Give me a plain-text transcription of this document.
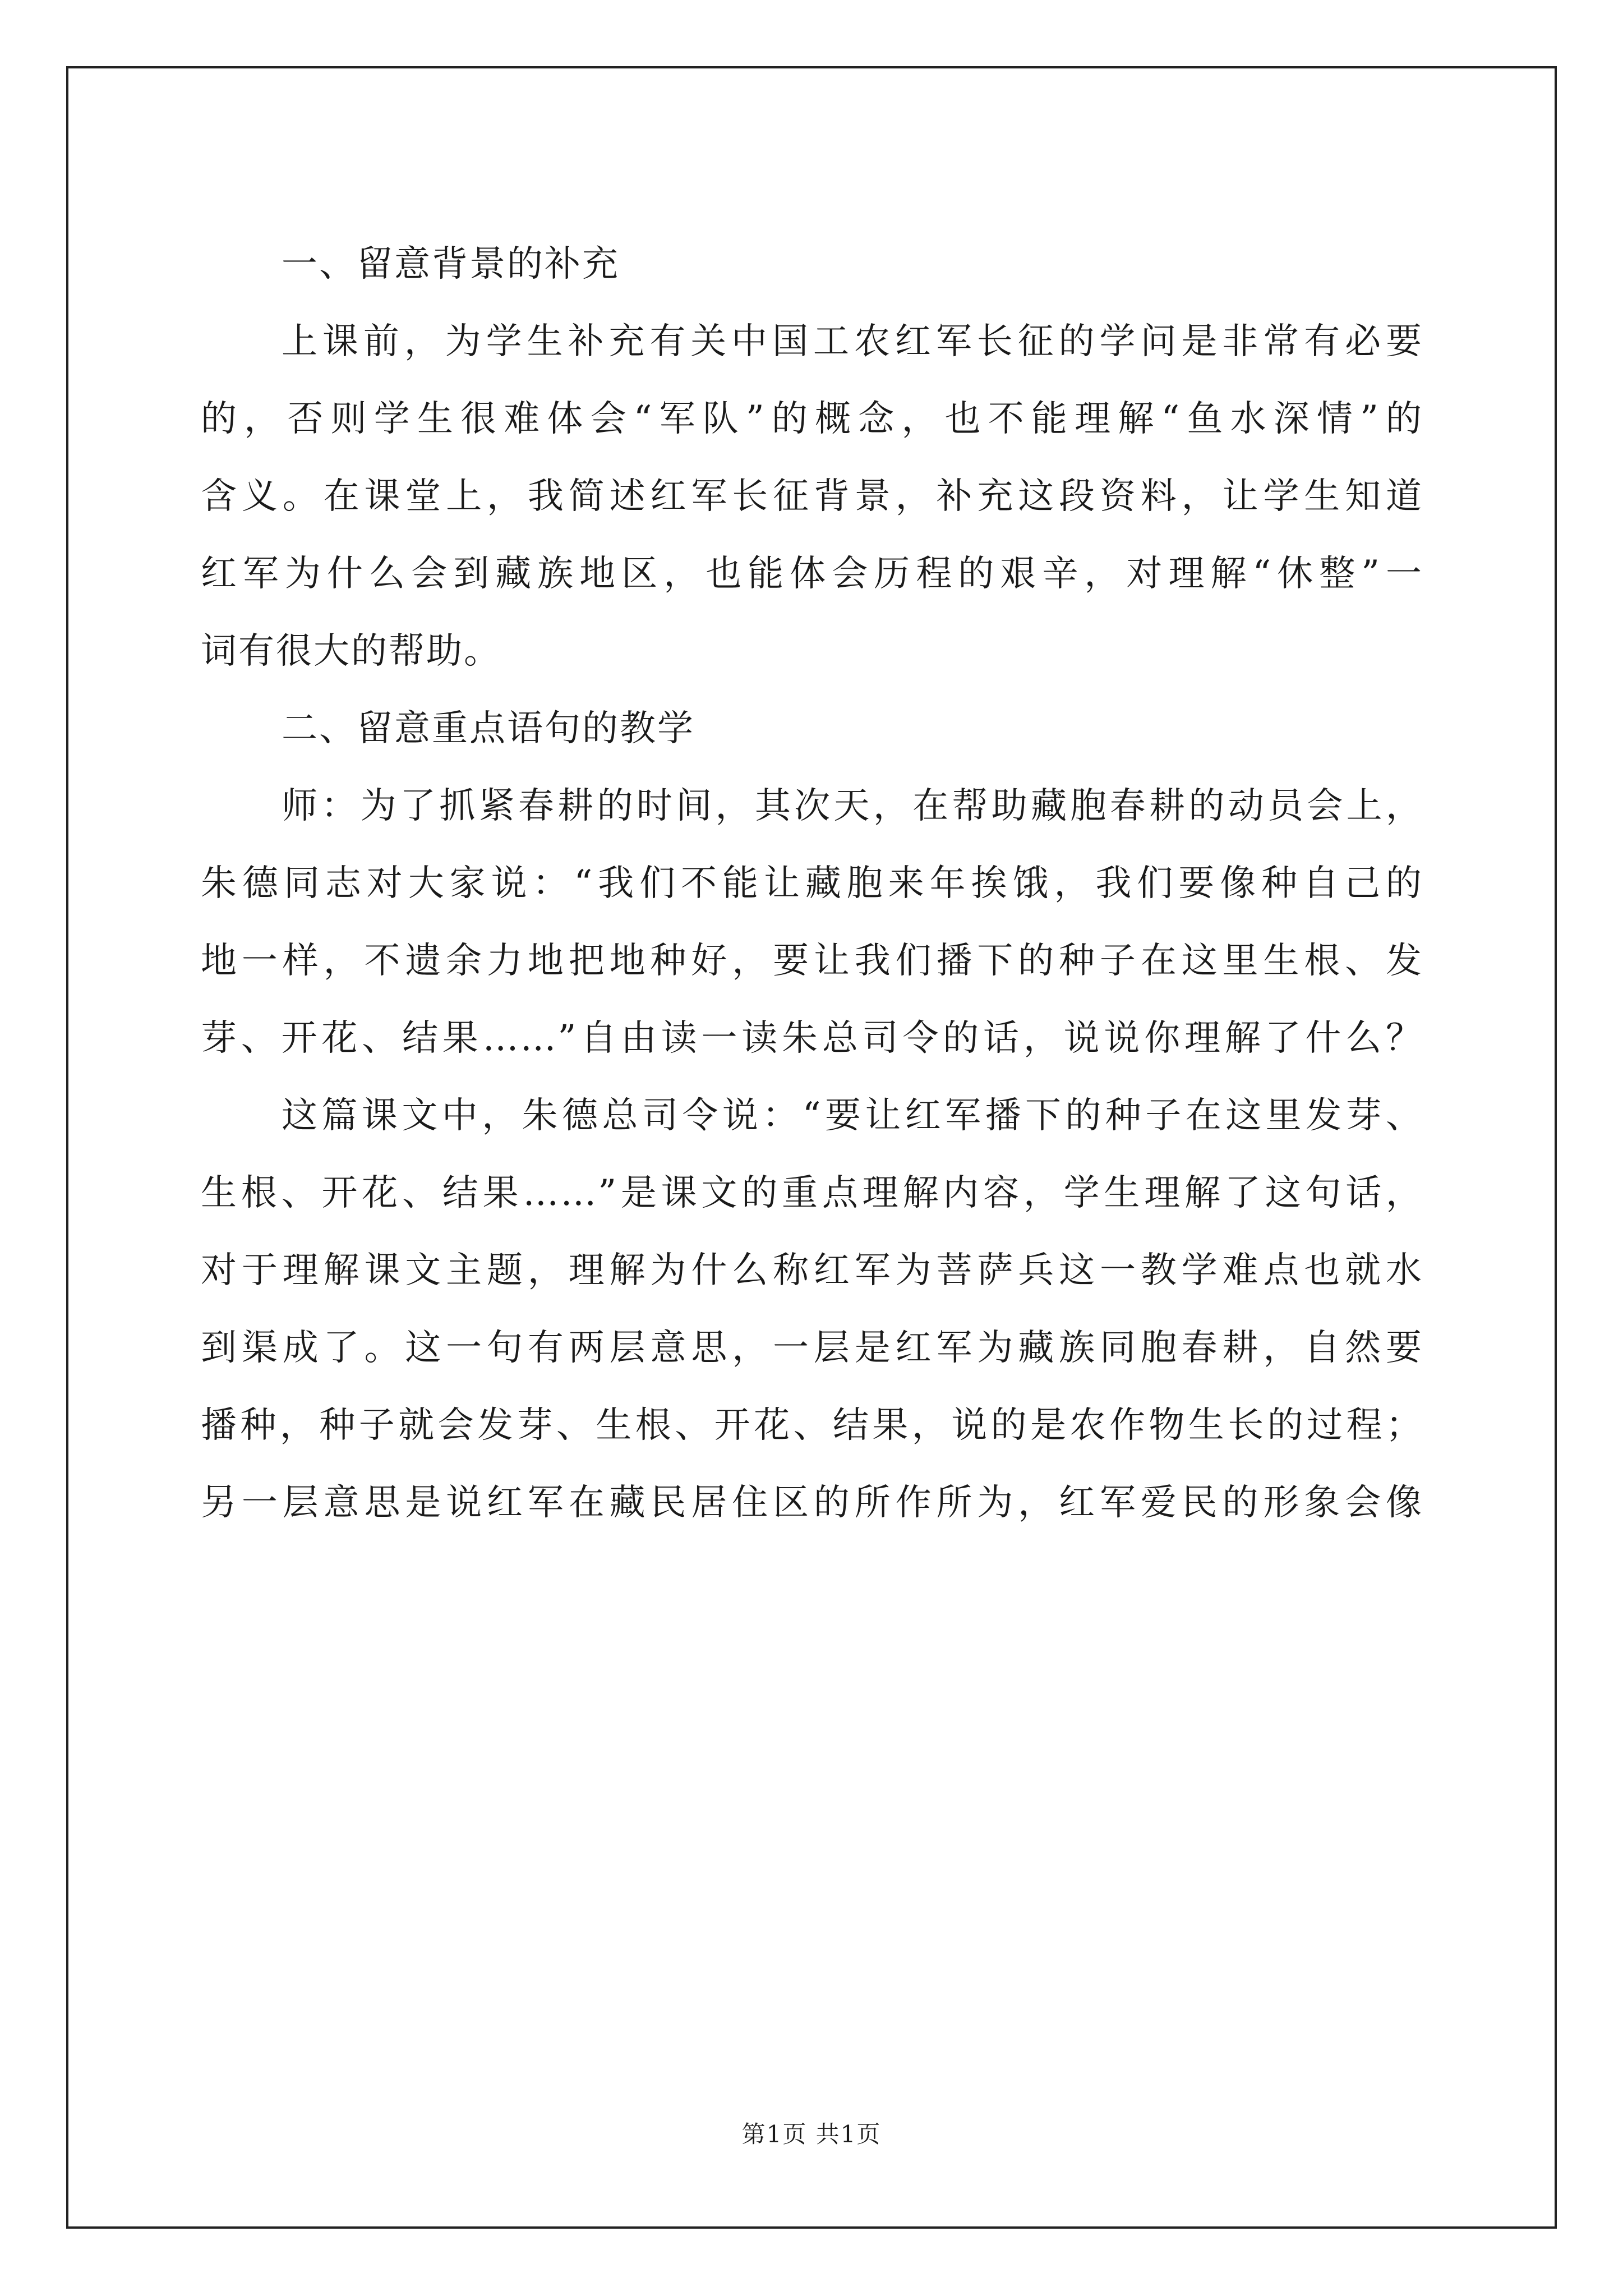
一、留意背景的补充
上课前，为学生补充有关中国工农红军长征的学问是非常有必要
的，否则学生很难体会“军队”的概念，也不能理解“鱼水深情”的
含义。在课堂上，我简述红军长征背景，补充这段资料，让学生知道
红军为什么会到藏族地区，也能体会历程的艰辛，对理解“休整”一
词有很大的帮助。
二、留意重点语句的教学
师：为了抓紧春耕的时间，其次天，在帮助藏胞春耕的动员会上，
朱德同志对大家说：“我们不能让藏胞来年挨饿，我们要像种自己的
地一样，不遗余力地把地种好，要让我们播下的种子在这里生根、发
芽、开花、结果……”自由读一读朱总司令的话，说说你理解了什么？
这篇课文中，朱德总司令说：“要让红军播下的种子在这里发芽、
生根、开花、结果……”是课文的重点理解内容，学生理解了这句话，
对于理解课文主题，理解为什么称红军为菩萨兵这一教学难点也就水
到渠成了。这一句有两层意思，一层是红军为藏族同胞春耕，自然要
播种，种子就会发芽、生根、开花、结果，说的是农作物生长的过程；
另一层意思是说红军在藏民居住区的所作所为，红军爱民的形象会像
第1页 共1页
